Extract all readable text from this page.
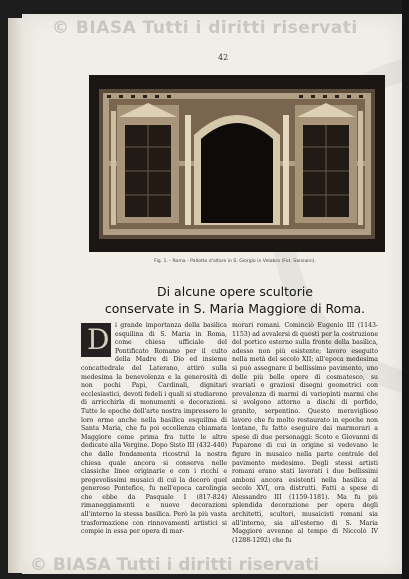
© BIASA Tutti i diritti riservati
42
Fig. 1. - Roma - Pallotto d'altare in S. Giorgio in Velabro (Fot. Sansaini).
Di alcune opere scultorie
conservate in S. Maria Maggiore di Roma.
D i grande importanza della basilica esquilina di S. Maria in Roma, come chiesa ufficiale del Pontificato Romano per il culto della Madre di Dio ed insieme concattedrale del Laterano, attirò sulla medesima la benevolenza e la generosità di non pochi Papi, Cardinali, dignitari ecclesiastici, devoti fedeli i quali si studiarono di arricchirla di monumenti e decorazioni. Tutte le epoche dell'arte nostra impressero le loro orme anche nella basilica esquilina di Santa Maria, che fu poi eccellenza chiamata Maggiore come prima fra tutte le altre dedicate alla Vergine. Dopo Sisto III (432-440) che dalle fondamenta ricostruì la nostra chiesa quale ancora si conserva nelle classiche linee originarie e con i ricchi e pregevolissimi musaici di cui la decorò quel generoso Pontefice, fu nell'epoca carolingia che ebbe da Pasquale I (817-824) rimaneggiamenti e nuove decorazioni all'interno la stessa basilica. Però la più vasta trasformazione con rinnovamenti artistici si compie in essa per opera di mar-
morari romani. Cominciò Eugenio III (1143-1153) ad avvalersi di questi per la costruzione del portico esterno sulla fronte della basilica, adesso non più esistente; lavoro eseguito nella metà del secolo XII; all'epoca medesima si può assegnare il bellissimo pavimento, uno delle più belle opere di cosmatesco, su svariati e graziosi disegni geometrici con prevalenza di marmi di variopinti marmi che si svolgono attorno a dischi di porfido, granito, serpentino. Questo meraviglioso lavoro che fu molto restaurato in epoche non lontane, fu fatto eseguire dai marmorari a spese di due personaggi: Scoto e Giovanni di Paparone di cui in origine si vedevano le figure in musaico nella parte centrale del pavimento medesimo. Degli stessi artisti romani erano stati lavorati i due bellissimi amboni ancora esistenti nella basilica al secolo XVI, ora distrutti. Fatti a spese di Alessandro III (1159-1181). Ma fu più splendida decorazione per opera degli architetti, scultori, musaicisti romani sia all'interno, sia all'esterno di S. Maria Maggiore avvenne al tempo di Niccolò IV (1288-1292) che fu
© BIASA Tutti i diritti riservati
